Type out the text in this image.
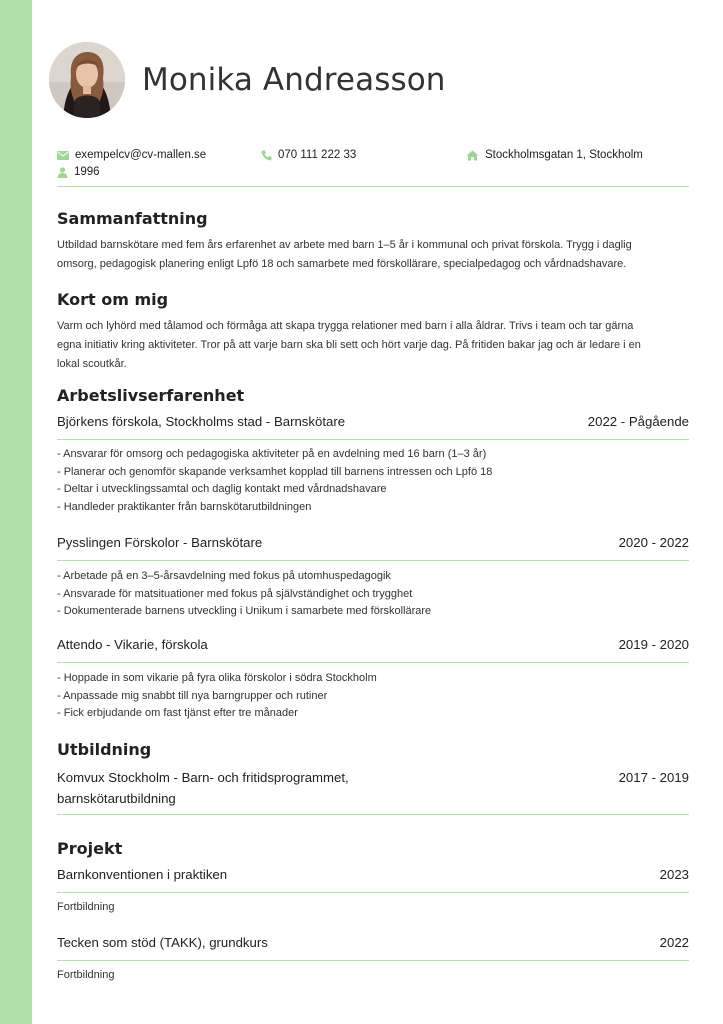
Monika Andreasson
exempelcv@cv-mallen.se	070 111 222 33	Stockholmsgatan 1, Stockholm
1996
Sammanfattning
Utbildad barnskötare med fem års erfarenhet av arbete med barn 1–5 år i kommunal och privat förskola. Trygg i daglig
omsorg, pedagogisk planering enligt Lpfö 18 och samarbete med förskollärare, specialpedagog och vårdnadshavare.
Kort om mig
Varm och lyhörd med tålamod och förmåga att skapa trygga relationer med barn i alla åldrar. Trivs i team och tar gärna
egna initiativ kring aktiviteter. Tror på att varje barn ska bli sett och hört varje dag. På fritiden bakar jag och är ledare i en
lokal scoutkår.
Arbetslivserfarenhet
Björkens förskola, Stockholms stad - Barnskötare	2022 - Pågående
- Ansvarar för omsorg och pedagogiska aktiviteter på en avdelning med 16 barn (1–3 år)
- Planerar och genomför skapande verksamhet kopplad till barnens intressen och Lpfö 18
- Deltar i utvecklingssamtal och daglig kontakt med vårdnadshavare
- Handleder praktikanter från barnskötarutbildningen
Pysslingen Förskolor - Barnskötare	2020 - 2022
- Arbetade på en 3–5-årsavdelning med fokus på utomhuspedagogik
- Ansvarade för matsituationer med fokus på självständighet och trygghet
- Dokumenterade barnens utveckling i Unikum i samarbete med förskollärare
Attendo - Vikarie, förskola	2019 - 2020
- Hoppade in som vikarie på fyra olika förskolor i södra Stockholm
- Anpassade mig snabbt till nya barngrupper och rutiner
- Fick erbjudande om fast tjänst efter tre månader
Utbildning
Komvux Stockholm - Barn- och fritidsprogrammet,
barnskötarutbildning
2017 - 2019
Projekt
Barnkonventionen i praktiken	2023
Fortbildning
Tecken som stöd (TAKK), grundkurs	2022
Fortbildning
